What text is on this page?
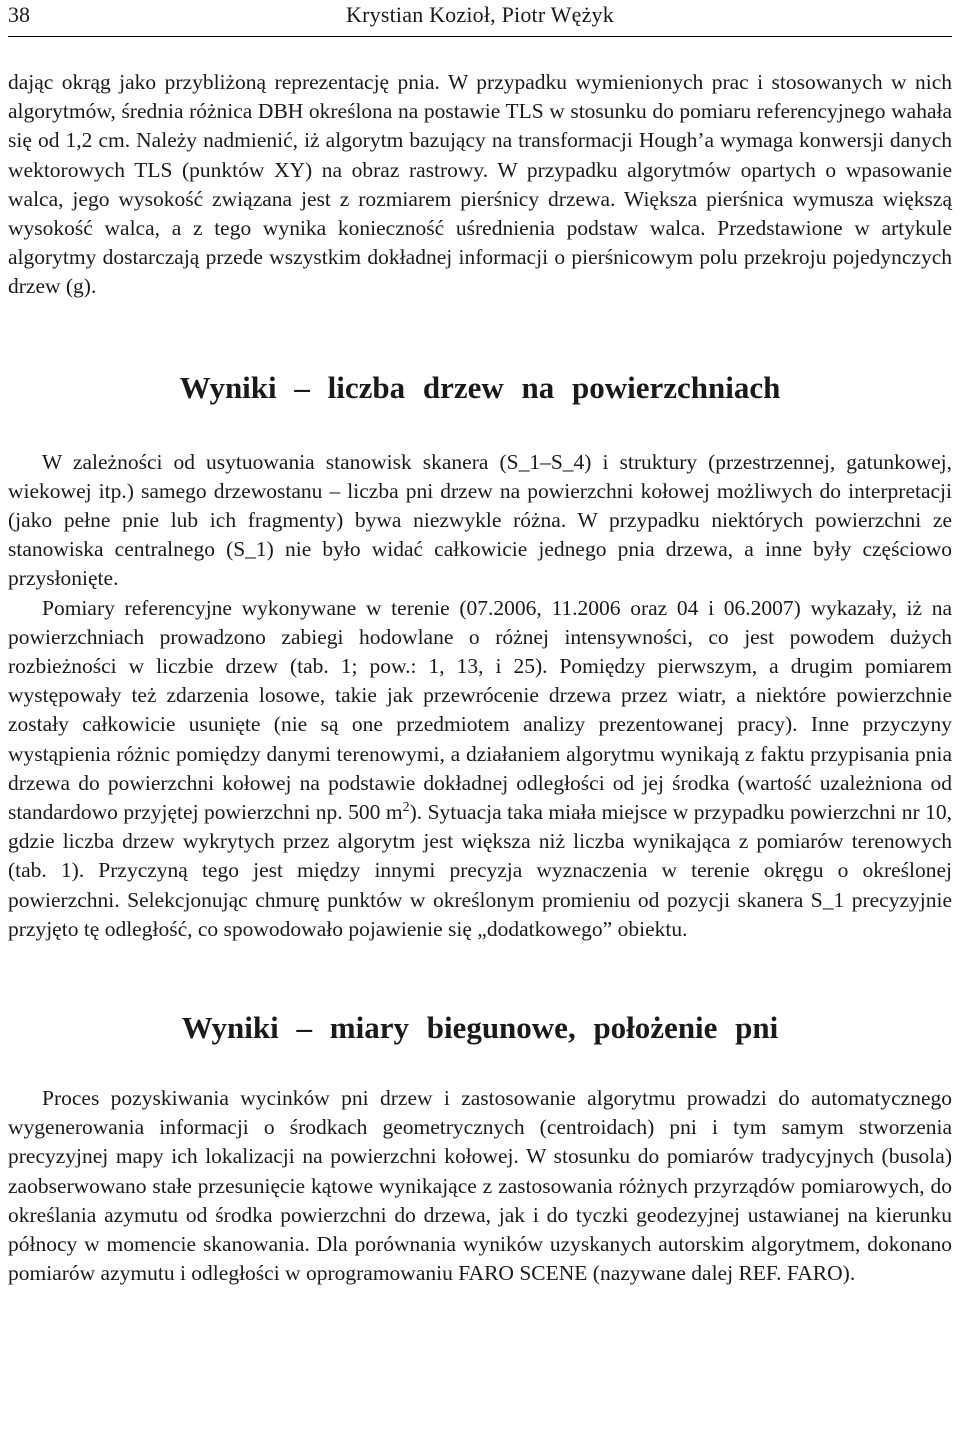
38	Krystian Kozioł, Piotr Wężyk

dając okrąg jako przybliżoną reprezentację pnia. W przypadku wymienionych prac i stosowanych w nich algorytmów, średnia różnica DBH określona na postawie TLS w stosunku do pomiaru referencyjnego wahała się od 1,2 cm. Należy nadmienić, iż algorytm bazujący na transformacji Hough’a wymaga konwersji danych wektorowych TLS (punktów XY) na obraz rastrowy. W przypadku algorytmów opartych o wpasowanie walca, jego wysokość związana jest z rozmiarem pierśnicy drzewa. Większa pierśnica wymusza większą wysokość walca, a z tego wynika konieczność uśrednienia podstaw walca. Przedstawione w artykule algorytmy dostarczają przede wszystkim dokładnej informacji o pierśnicowym polu przekroju pojedynczych drzew (g).

Wyniki – liczba drzew na powierzchniach

W zależności od usytuowania stanowisk skanera (S_1–S_4) i struktury (przestrzennej, gatunkowej, wiekowej itp.) samego drzewostanu – liczba pni drzew na powierzchni kołowej możliwych do interpretacji (jako pełne pnie lub ich fragmenty) bywa niezwykle różna. W przypadku niektórych powierzchni ze stanowiska centralnego (S_1) nie było widać całkowicie jednego pnia drzewa, a inne były częściowo przysłonięte.

Pomiary referencyjne wykonywane w terenie (07.2006, 11.2006 oraz 04 i 06.2007) wykazały, iż na powierzchniach prowadzono zabiegi hodowlane o różnej intensywności, co jest powodem dużych rozbieżności w liczbie drzew (tab. 1; pow.: 1, 13, i 25). Pomiędzy pierwszym, a drugim pomiarem występowały też zdarzenia losowe, takie jak przewrócenie drzewa przez wiatr, a niektóre powierzchnie zostały całkowicie usunięte (nie są one przedmiotem analizy prezentowanej pracy). Inne przyczyny wystąpienia różnic pomiędzy danymi terenowymi, a działaniem algorytmu wynikają z faktu przypisania pnia drzewa do powierzchni kołowej na podstawie dokładnej odległości od jej środka (wartość uzależniona od standardowo przyjętej powierzchni np. 500 $m^2$). Sytuacja taka miała miejsce w przypadku powierzchni nr 10, gdzie liczba drzew wykrytych przez algorytm jest większa niż liczba wynikająca z pomiarów terenowych (tab. 1). Przyczyną tego jest między innymi precyzja wyznaczenia w terenie okręgu o określonej powierzchni. Selekcjonując chmurę punktów w określonym promieniu od pozycji skanera S_1 precyzyjnie przyjęto tę odległość, co spowodowało pojawienie się „dodatkowego” obiektu.

Wyniki – miary biegunowe, położenie pni

Proces pozyskiwania wycinków pni drzew i zastosowanie algorytmu prowadzi do automatycznego wygenerowania informacji o środkach geometrycznych (centroidach) pni i tym samym stworzenia precyzyjnej mapy ich lokalizacji na powierzchni kołowej. W stosunku do pomiarów tradycyjnych (busola) zaobserwowano stałe przesunięcie kątowe wynikające z zastosowania różnych przyrządów pomiarowych, do określania azymutu od środka powierzchni do drzewa, jak i do tyczki geodezyjnej ustawianej na kierunku północy w momencie skanowania. Dla porównania wyników uzyskanych autorskim algorytmem, dokonano pomiarów azymutu i odległości w oprogramowaniu FARO SCENE (nazywane dalej REF. FARO).
